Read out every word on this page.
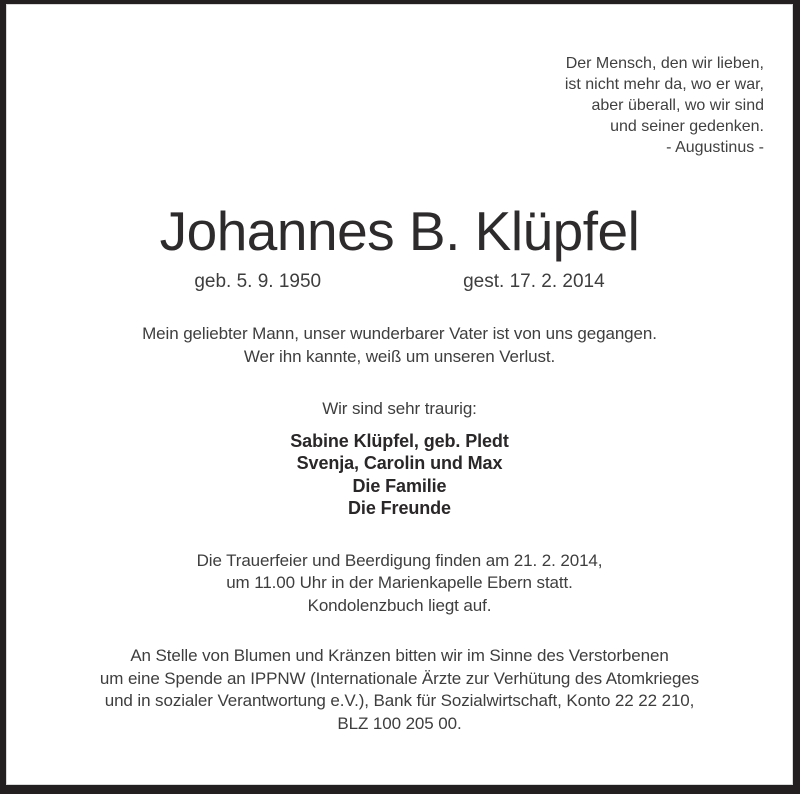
Der Mensch, den wir lieben,
ist nicht mehr da, wo er war,
aber überall, wo wir sind
und seiner gedenken.
- Augustinus -
Johannes B. Klüpfel
geb. 5. 9. 1950	gest. 17. 2. 2014
Mein geliebter Mann, unser wunderbarer Vater ist von uns gegangen.
Wer ihn kannte, weiß um unseren Verlust.
Wir sind sehr traurig:
Sabine Klüpfel, geb. Pledt
Svenja, Carolin und Max
Die Familie
Die Freunde
Die Trauerfeier und Beerdigung finden am 21. 2. 2014,
um 11.00 Uhr in der Marienkapelle Ebern statt.
Kondolenzbuch liegt auf.
An Stelle von Blumen und Kränzen bitten wir im Sinne des Verstorbenen
um eine Spende an IPPNW (Internationale Ärzte zur Verhütung des Atomkrieges
und in sozialer Verantwortung e.V.), Bank für Sozialwirtschaft, Konto 22 22 210,
BLZ 100 205 00.
